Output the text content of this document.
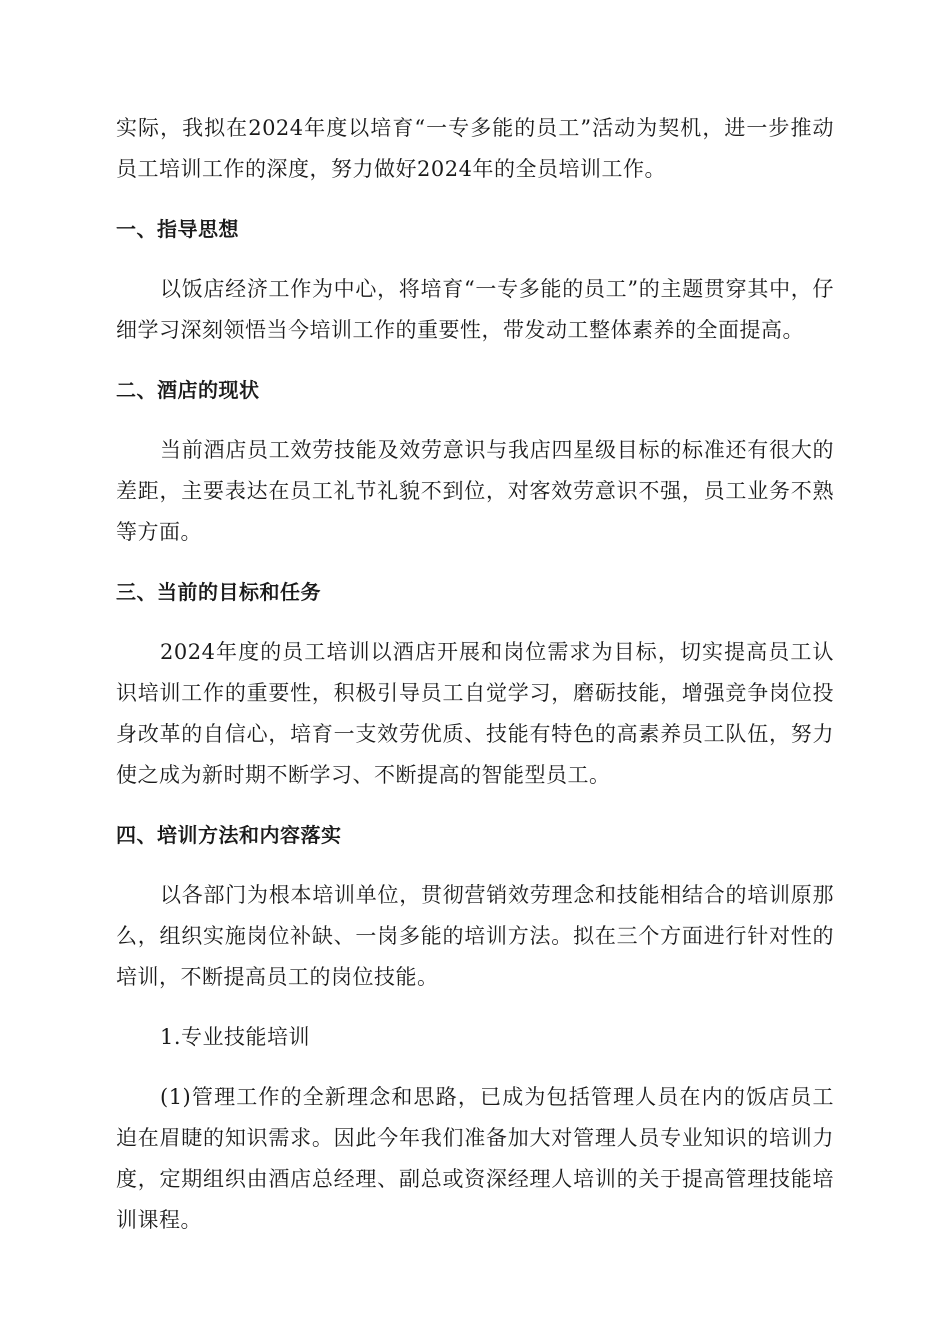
实际，我拟在2024年度以培育“一专多能的员工”活动为契机，进一步推动员工培训工作的深度，努力做好2024年的全员培训工作。

一、指导思想

以饭店经济工作为中心，将培育“一专多能的员工”的主题贯穿其中，仔细学习深刻领悟当今培训工作的重要性，带发动工整体素养的全面提高。

二、酒店的现状

当前酒店员工效劳技能及效劳意识与我店四星级目标的标准还有很大的差距，主要表达在员工礼节礼貌不到位，对客效劳意识不强，员工业务不熟等方面。

三、当前的目标和任务

2024年度的员工培训以酒店开展和岗位需求为目标，切实提高员工认识培训工作的重要性，积极引导员工自觉学习，磨砺技能，增强竞争岗位投身改革的自信心，培育一支效劳优质、技能有特色的高素养员工队伍，努力使之成为新时期不断学习、不断提高的智能型员工。

四、培训方法和内容落实

以各部门为根本培训单位，贯彻营销效劳理念和技能相结合的培训原那么，组织实施岗位补缺、一岗多能的培训方法。拟在三个方面进行针对性的培训，不断提高员工的岗位技能。

1.专业技能培训

(1)管理工作的全新理念和思路，已成为包括管理人员在内的饭店员工迫在眉睫的知识需求。因此今年我们准备加大对管理人员专业知识的培训力度，定期组织由酒店总经理、副总或资深经理人培训的关于提高管理技能培训课程。
